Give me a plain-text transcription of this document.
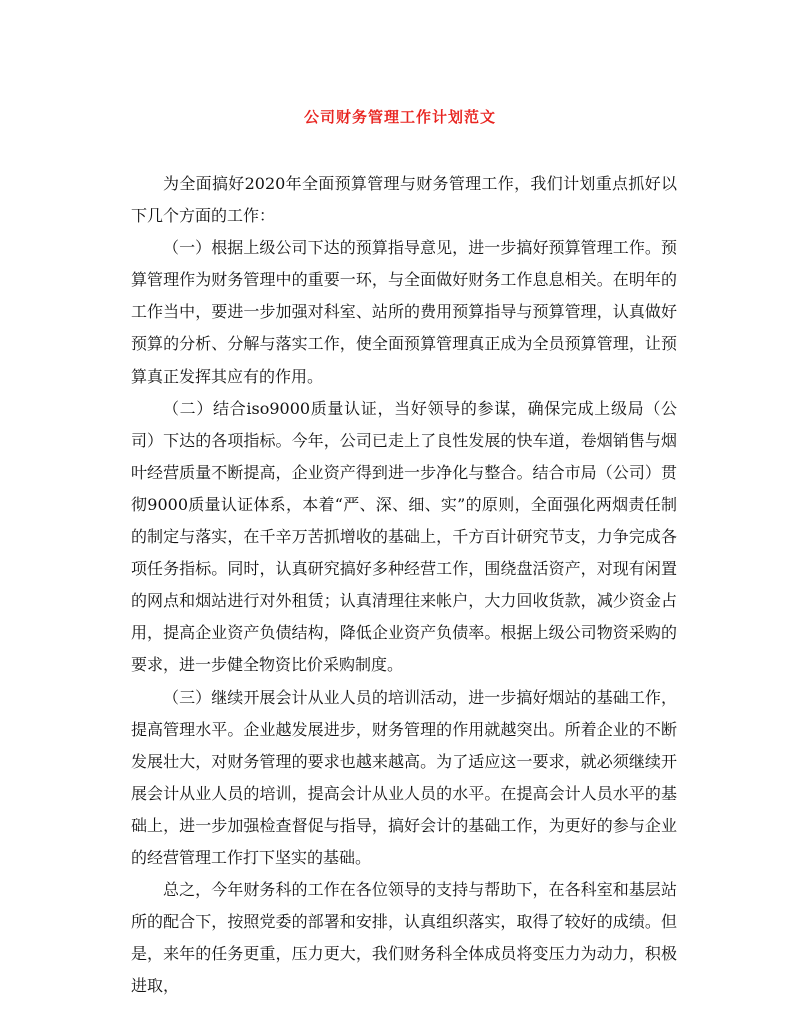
公司财务管理工作计划范文

为全面搞好2020年全面预算管理与财务管理工作，我们计划重点抓好以下几个方面的工作：

（一）根据上级公司下达的预算指导意见，进一步搞好预算管理工作。预算管理作为财务管理中的重要一环，与全面做好财务工作息息相关。在明年的工作当中，要进一步加强对科室、站所的费用预算指导与预算管理，认真做好预算的分析、分解与落实工作，使全面预算管理真正成为全员预算管理，让预算真正发挥其应有的作用。

（二）结合iso9000质量认证，当好领导的参谋，确保完成上级局（公司）下达的各项指标。今年，公司已走上了良性发展的快车道，卷烟销售与烟叶经营质量不断提高，企业资产得到进一步净化与整合。结合市局（公司）贯彻9000质量认证体系，本着“严、深、细、实”的原则，全面强化两烟责任制的制定与落实，在千辛万苦抓增收的基础上，千方百计研究节支，力争完成各项任务指标。同时，认真研究搞好多种经营工作，围绕盘活资产，对现有闲置的网点和烟站进行对外租赁；认真清理往来帐户，大力回收货款，减少资金占用，提高企业资产负债结构，降低企业资产负债率。根据上级公司物资采购的要求，进一步健全物资比价采购制度。

（三）继续开展会计从业人员的培训活动，进一步搞好烟站的基础工作，提高管理水平。企业越发展进步，财务管理的作用就越突出。所着企业的不断发展壮大，对财务管理的要求也越来越高。为了适应这一要求，就必须继续开展会计从业人员的培训，提高会计从业人员的水平。在提高会计人员水平的基础上，进一步加强检查督促与指导，搞好会计的基础工作，为更好的参与企业的经营管理工作打下坚实的基础。

总之，今年财务科的工作在各位领导的支持与帮助下，在各科室和基层站所的配合下，按照党委的部署和安排，认真组织落实，取得了较好的成绩。但是，来年的任务更重，压力更大，我们财务科全体成员将变压力为动力，积极进取，
